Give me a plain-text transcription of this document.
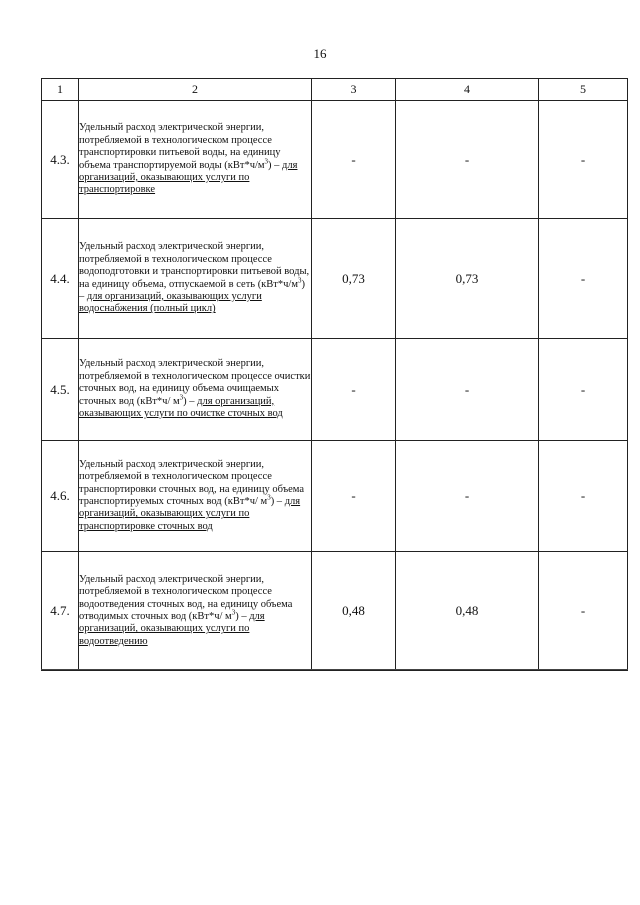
16
1	2	3	4	5
4.3.	Удельный расход электрической энергии, потребляемой в технологическом процессе транспортировки питьевой воды, на единицу объема транспортируемой воды $(кВт*ч/м^3)$ – для организаций, оказывающих услуги по транспортировке	-	-	-
4.4.	Удельный расход электрической энергии, потребляемой в технологическом процессе водоподготовки и транспортировки питьевой воды, на единицу объема, отпускаемой в сеть $(кВт*ч/м^3)$ – для организаций, оказывающих услуги водоснабжения (полный цикл)	0,73	0,73	-
4.5.	Удельный расход электрической энергии, потребляемой в технологическом процессе очистки сточных вод, на единицу объема очищаемых сточных вод (кВт*ч/ $м^3$) – для организаций, оказывающих услуги по очистке сточных вод	-	-	-
4.6.	Удельный расход электрической энергии, потребляемой в технологическом процессе транспортировки сточных вод, на единицу объема транспортируемых сточных вод (кВт*ч/ $м^3$) – для организаций, оказывающих услуги по транспортировке сточных вод	-	-	-
4.7.	Удельный расход электрической энергии, потребляемой в технологическом процессе водоотведения сточных вод, на единицу объема отводимых сточных вод (кВт*ч/ $м^3$) – для организаций, оказывающих услуги по водоотведению	0,48	0,48	-
